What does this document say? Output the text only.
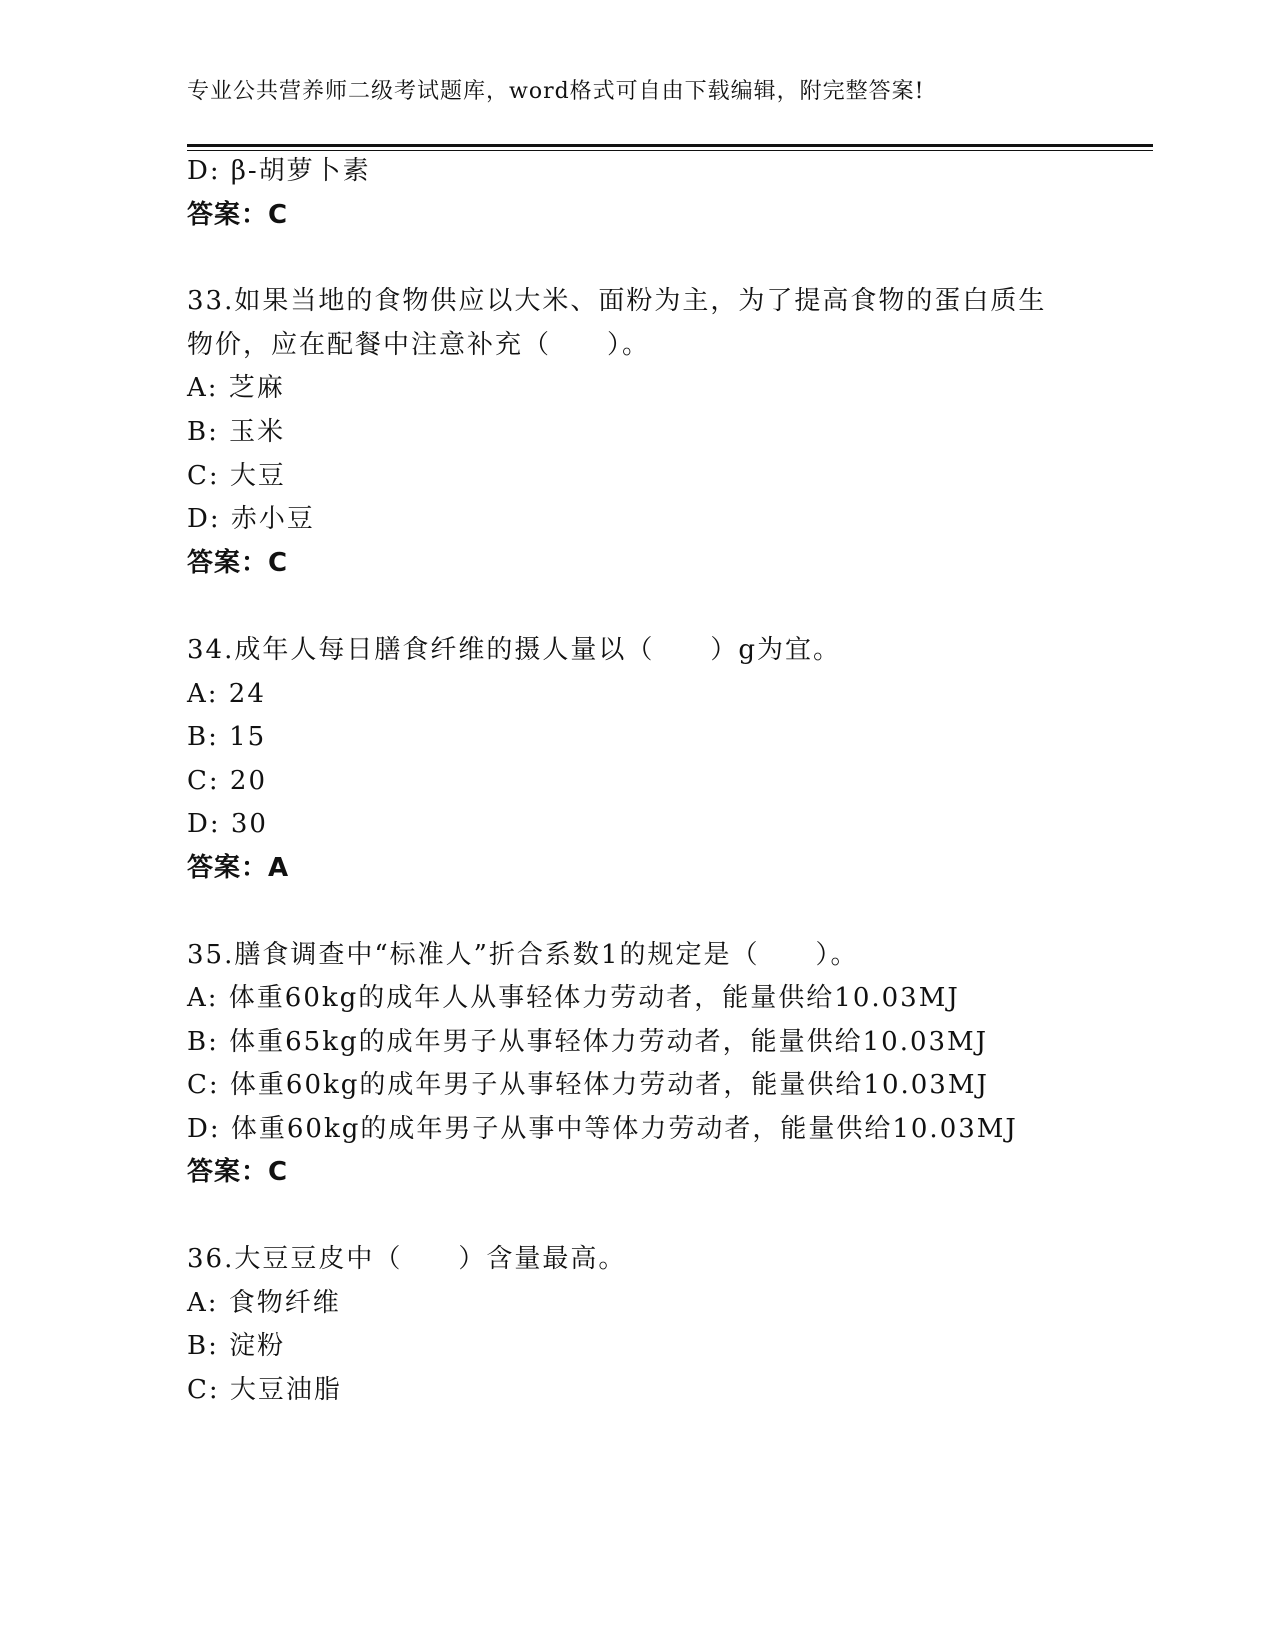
专业公共营养师二级考试题库，word格式可自由下载编辑，附完整答案!
D: β-胡萝卜素
答案：C
33.如果当地的食物供应以大米、面粉为主，为了提高食物的蛋白质生
物价，应在配餐中注意补充（　　）。
A: 芝麻
B: 玉米
C: 大豆
D: 赤小豆
答案：C
34.成年人每日膳食纤维的摄人量以（　　）g为宜。
A: 24
B: 15
C: 20
D: 30
答案：A
35.膳食调查中“标准人”折合系数1的规定是（　　）。
A: 体重60kg的成年人从事轻体力劳动者，能量供给10.03MJ
B: 体重65kg的成年男子从事轻体力劳动者，能量供给10.03MJ
C: 体重60kg的成年男子从事轻体力劳动者，能量供给10.03MJ
D: 体重60kg的成年男子从事中等体力劳动者，能量供给10.03MJ
答案：C
36.大豆豆皮中（　　）含量最高。
A: 食物纤维
B: 淀粉
C: 大豆油脂
